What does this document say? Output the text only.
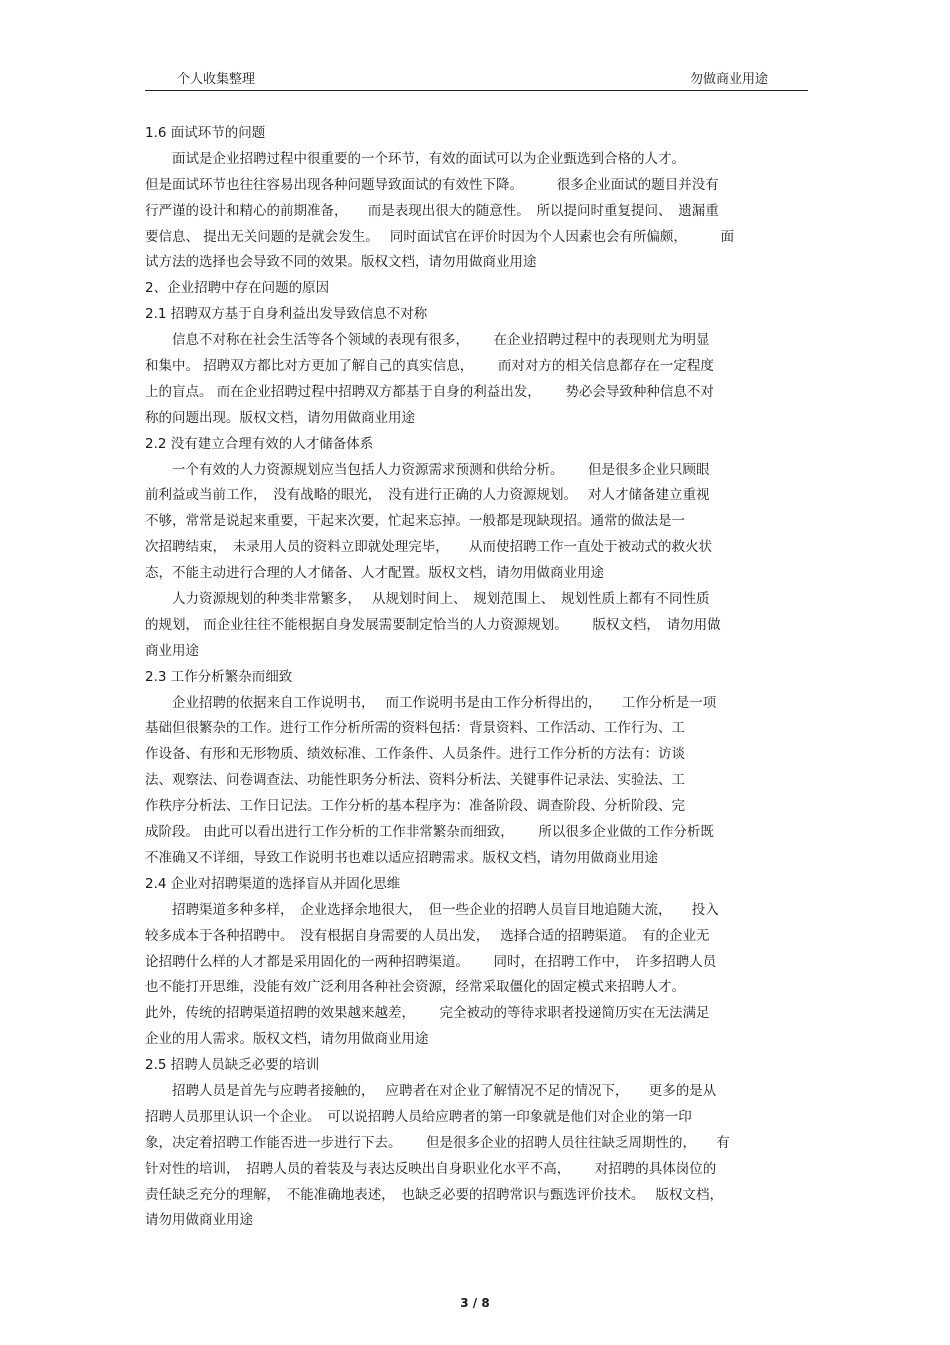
个人收集整理	勿做商业用途
1.6 面试环节的问题
　　面试是企业招聘过程中很重要的一个环节，有效的面试可以为企业甄选到合格的人才。
但是面试环节也往往容易出现各种问题导致面试的有效性下降。　　　很多企业面试的题目并没有
行严谨的设计和精心的前期准备，　　而是表现出很大的随意性。　所以提问时重复提问、　遗漏重
要信息、 提出无关问题的是就会发生。　 同时面试官在评价时因为个人因素也会有所偏颇，　　　面
试方法的选择也会导致不同的效果。版权文档，请勿用做商业用途
2、企业招聘中存在问题的原因
2.1 招聘双方基于自身利益出发导致信息不对称
　　信息不对称在社会生活等各个领域的表现有很多，　　 在企业招聘过程中的表现则尤为明显
和集中。 招聘双方都比对方更加了解自己的真实信息，　　 而对对方的相关信息都存在一定程度
上的盲点。 而在企业招聘过程中招聘双方都基于自身的利益出发，　　 势必会导致种种信息不对
称的问题出现。版权文档，请勿用做商业用途
2.2 没有建立合理有效的人才储备体系
　　一个有效的人力资源规划应当包括人力资源需求预测和供给分析。　　 但是很多企业只顾眼
前利益或当前工作，　没有战略的眼光，　没有进行正确的人力资源规划。　 对人才储备建立重视
不够，常常是说起来重要，干起来次要，忙起来忘掉。一般都是现缺现招。通常的做法是一
次招聘结束，　未录用人员的资料立即就处理完毕，　　从而使招聘工作一直处于被动式的救火状
态，不能主动进行合理的人才储备、人才配置。版权文档，请勿用做商业用途
　　人力资源规划的种类非常繁多，　 从规划时间上、　规划范围上、　规划性质上都有不同性质
的规划， 而企业往往不能根据自身发展需要制定恰当的人力资源规划。　　 版权文档，　请勿用做
商业用途
2.3 工作分析繁杂而细致
　　企业招聘的依据来自工作说明书，　 而工作说明书是由工作分析得出的，　　工作分析是一项
基础但很繁杂的工作。进行工作分析所需的资料包括：背景资料、工作活动、工作行为、工
作设备、有形和无形物质、绩效标准、工作条件、人员条件。进行工作分析的方法有：访谈
法、观察法、问卷调查法、功能性职务分析法、资料分析法、关键事件记录法、实验法、工
作秩序分析法、工作日记法。工作分析的基本程序为：准备阶段、调查阶段、分析阶段、完
成阶段。 由此可以看出进行工作分析的工作非常繁杂而细致，　　 所以很多企业做的工作分析既
不准确又不详细，导致工作说明书也难以适应招聘需求。版权文档，请勿用做商业用途
2.4 企业对招聘渠道的选择盲从并固化思维
　　招聘渠道多种多样，　企业选择余地很大，　但一些企业的招聘人员盲目地追随大流，　　投入
较多成本于各种招聘中。　没有根据自身需要的人员出发，　 选择合适的招聘渠道。　有的企业无
论招聘什么样的人才都是采用固化的一两种招聘渠道。　　 同时，在招聘工作中，　许多招聘人员
也不能打开思维，没能有效广泛利用各种社会资源，经常采取僵化的固定模式来招聘人才。
此外，传统的招聘渠道招聘的效果越来越差，　　 完全被动的等待求职者投递简历实在无法满足
企业的用人需求。版权文档，请勿用做商业用途
2.5 招聘人员缺乏必要的培训
　　招聘人员是首先与应聘者接触的，　 应聘者在对企业了解情况不足的情况下，　　更多的是从
招聘人员那里认识一个企业。　可以说招聘人员给应聘者的第一印象就是他们对企业的第一印
象，决定着招聘工作能否进一步进行下去。　　 但是很多企业的招聘人员往往缺乏周期性的，　　有
针对性的培训，　招聘人员的着装及与表达反映出自身职业化水平不高，　　 对招聘的具体岗位的
责任缺乏充分的理解，　不能准确地表述，　也缺乏必要的招聘常识与甄选评价技术。　 版权文档，
请勿用做商业用途
3 / 8
